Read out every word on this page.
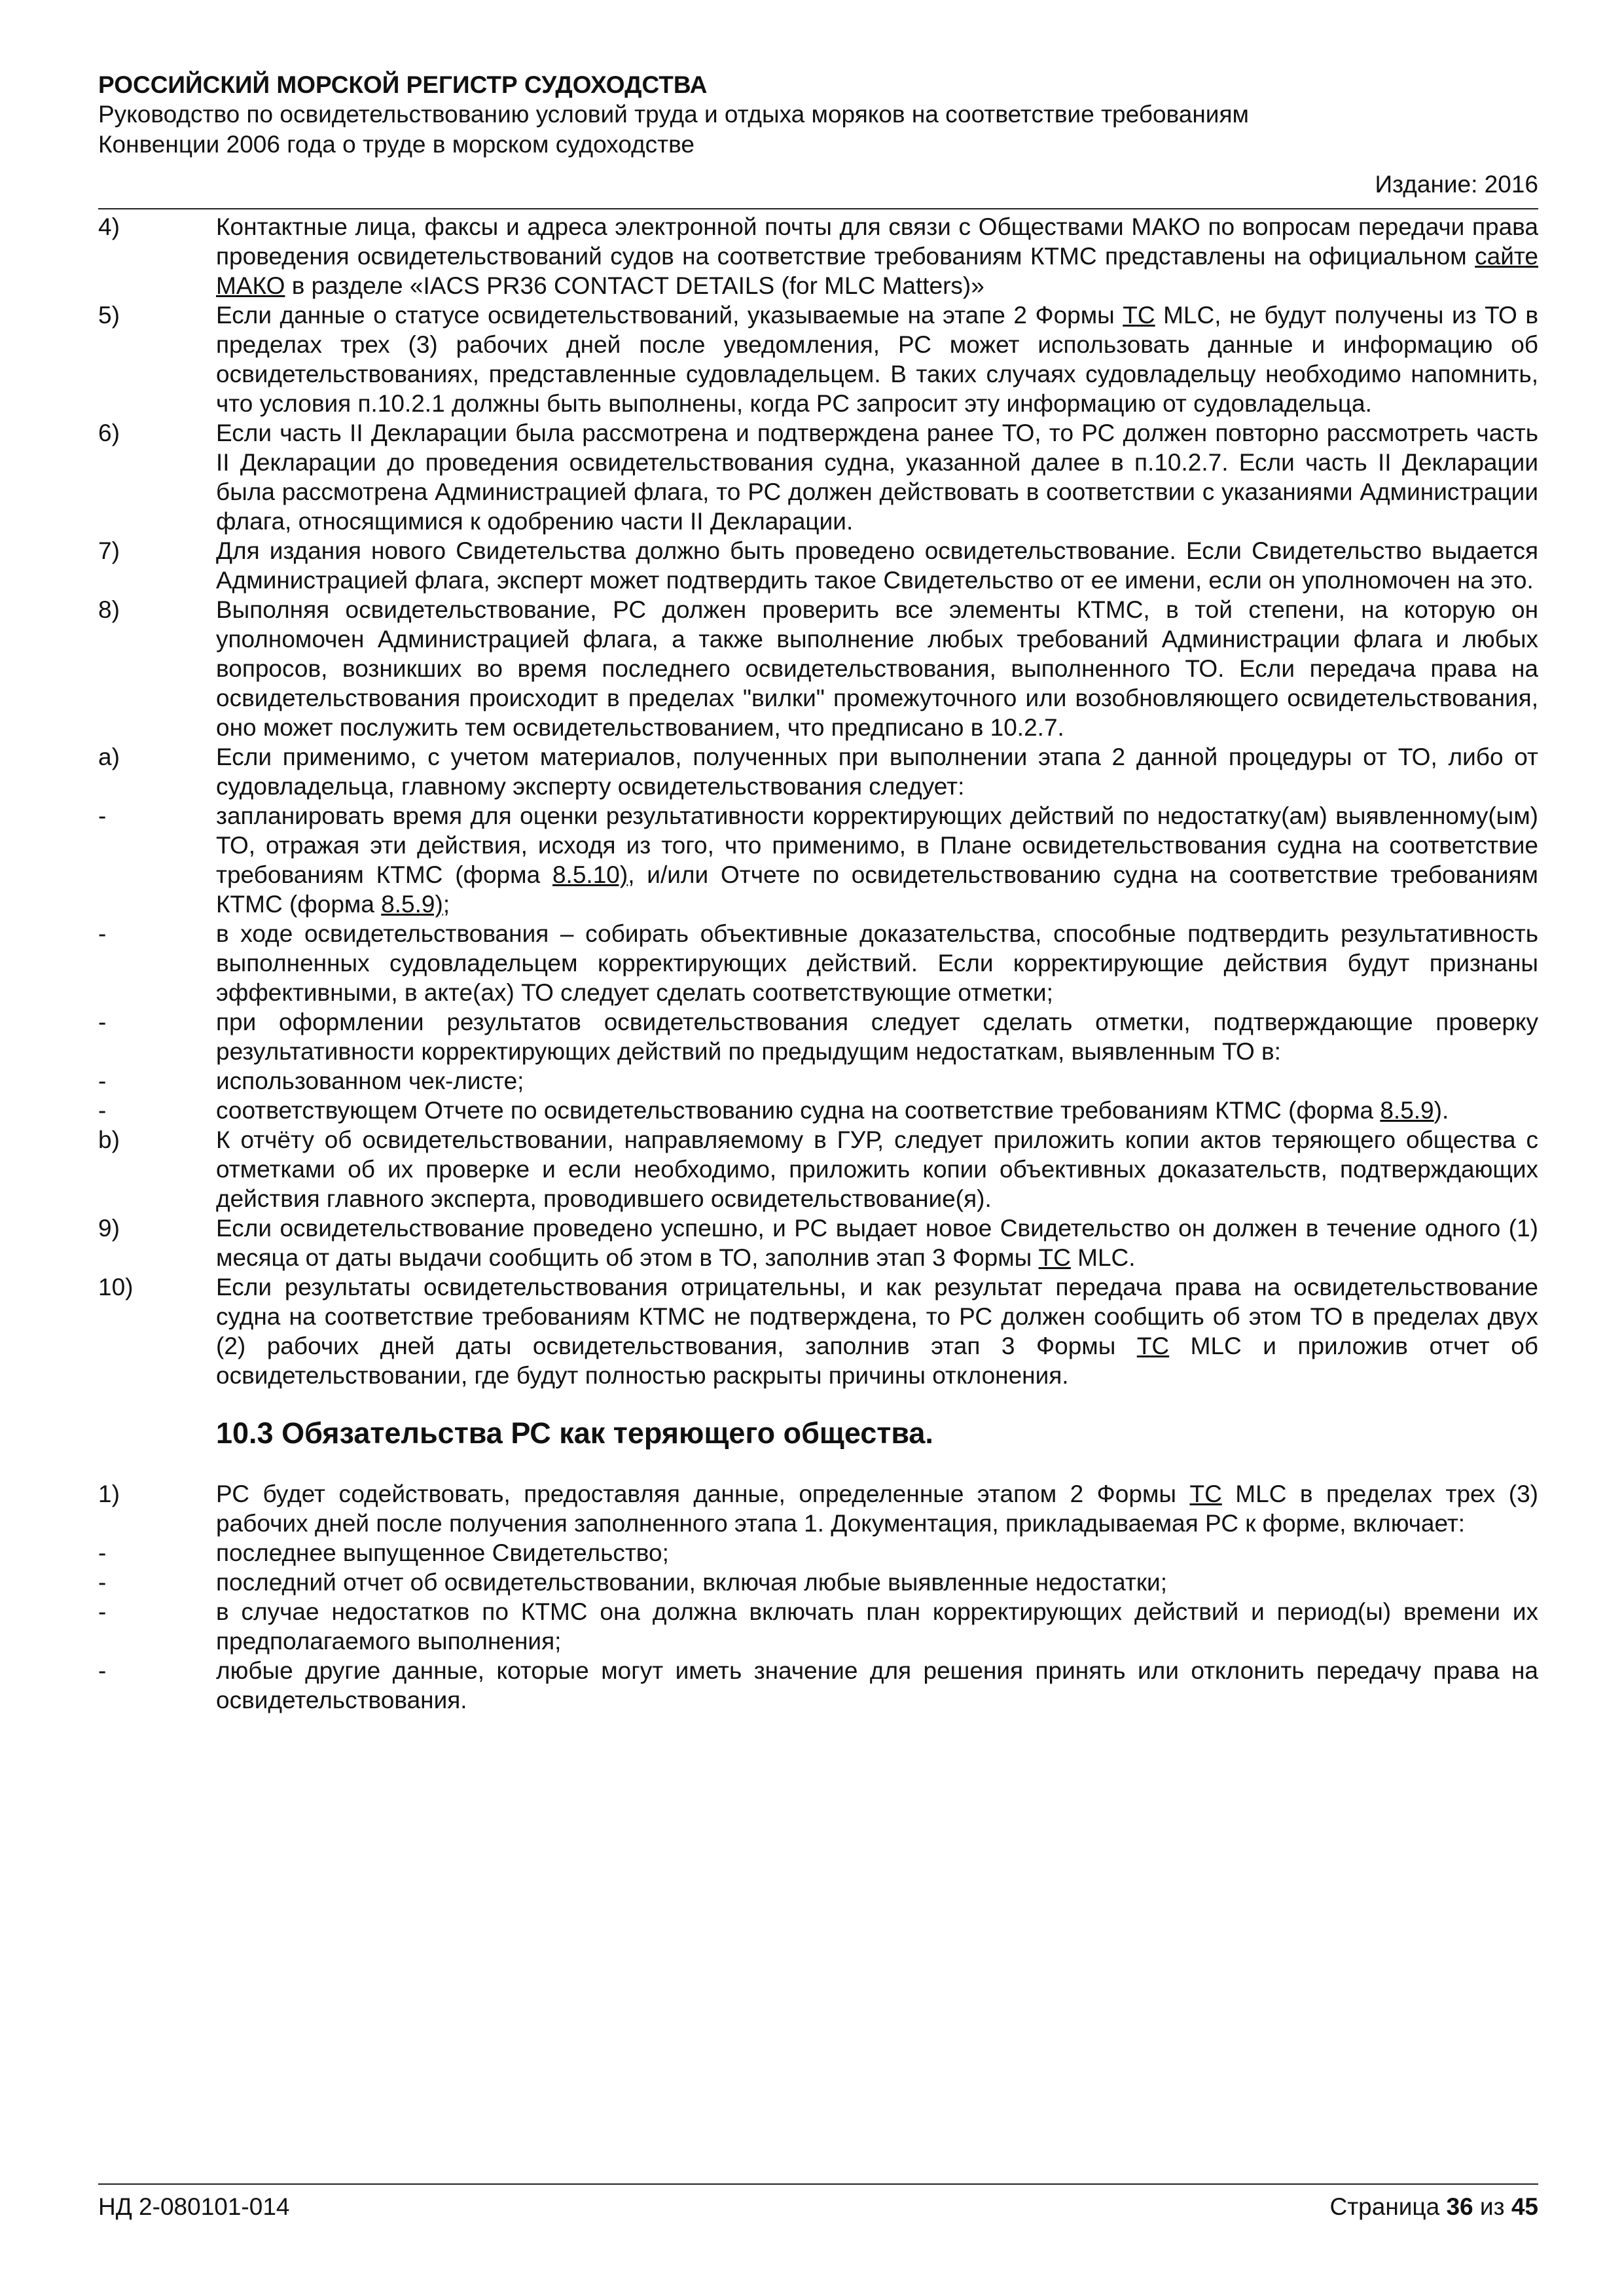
РОССИЙСКИЙ МОРСКОЙ РЕГИСТР СУДОХОДСТВА
Руководство по освидетельствованию условий труда и отдыха моряков на соответствие требованиям
Конвенции 2006 года о труде в морском судоходстве
Издание: 2016
4)	Контактные лица, факсы и адреса электронной почты для связи с Обществами МАКО по вопросам передачи права проведения освидетельствований судов на соответствие требованиям КТМС представлены на официальном сайте МАКО в разделе «IACS PR36 CONTACT DETAILS (for MLC Matters)»
5)	Если данные о статусе освидетельствований, указываемые на этапе 2 Формы ТС MLC, не будут получены из ТО в пределах трех (3) рабочих дней после уведомления, РС может использовать данные и информацию об освидетельствованиях, представленные судовладельцем. В таких случаях судовладельцу необходимо напомнить, что условия п.10.2.1 должны быть выполнены, когда РС запросит эту информацию от судовладельца.
6)	Если часть II Декларации была рассмотрена и подтверждена ранее ТО, то РС должен повторно рассмотреть часть II Декларации до проведения освидетельствования судна, указанной далее в п.10.2.7. Если часть II Декларации была рассмотрена Администрацией флага, то РС должен действовать в соответствии с указаниями Администрации флага, относящимися к одобрению части II Декларации.
7)	Для издания нового Свидетельства должно быть проведено освидетельствование. Если Свидетельство выдается Администрацией флага, эксперт может подтвердить такое Свидетельство от ее имени, если он уполномочен на это.
8)	Выполняя освидетельствование, РС должен проверить все элементы КТМС, в той степени, на которую он уполномочен Администрацией флага, а также выполнение любых требований Администрации флага и любых вопросов, возникших во время последнего освидетельствования, выполненного ТО. Если передача права на освидетельствования происходит в пределах "вилки" промежуточного или возобновляющего освидетельствования, оно может послужить тем освидетельствованием, что предписано в 10.2.7.
a)	Если применимо, с учетом материалов, полученных при выполнении этапа 2 данной процедуры от ТО, либо от судовладельца, главному эксперту освидетельствования следует:
-	запланировать время для оценки результативности корректирующих действий по недостатку(ам) выявленному(ым) ТО, отражая эти действия, исходя из того, что применимо, в Плане освидетельствования судна на соответствие требованиям КТМС (форма 8.5.10), и/или Отчете по освидетельствованию судна на соответствие требованиям КТМС (форма 8.5.9);
-	в ходе освидетельствования – собирать объективные доказательства, способные подтвердить результативность выполненных судовладельцем корректирующих действий. Если корректирующие действия будут признаны эффективными, в акте(ах) ТО следует сделать соответствующие отметки;
-	при оформлении результатов освидетельствования следует сделать отметки, подтверждающие проверку результативности корректирующих действий по предыдущим недостаткам, выявленным ТО в:
-	использованном чек-листе;
-	соответствующем Отчете по освидетельствованию судна на соответствие требованиям КТМС (форма 8.5.9).
b)	К отчёту об освидетельствовании, направляемому в ГУР, следует приложить копии актов теряющего общества с отметками об их проверке и если необходимо, приложить копии объективных доказательств, подтверждающих действия главного эксперта, проводившего освидетельствование(я).
9)	Если освидетельствование проведено успешно, и РС выдает новое Свидетельство он должен в течение одного (1) месяца от даты выдачи сообщить об этом в ТО, заполнив этап 3 Формы ТС MLC.
10)	Если результаты освидетельствования отрицательны, и как результат передача права на освидетельствование судна на соответствие требованиям КТМС не подтверждена, то РС должен сообщить об этом ТО в пределах двух (2) рабочих дней даты освидетельствования, заполнив этап 3 Формы ТС MLC и приложив отчет об освидетельствовании, где будут полностью раскрыты причины отклонения.
10.3 Обязательства РС как теряющего общества.
1)	РС будет содействовать, предоставляя данные, определенные этапом 2 Формы ТС MLC в пределах трех (3) рабочих дней после получения заполненного этапа 1. Документация, прикладываемая РС к форме, включает:
-	последнее выпущенное Свидетельство;
-	последний отчет об освидетельствовании, включая любые выявленные недостатки;
-	в случае недостатков по КТМС она должна включать план корректирующих действий и период(ы) времени их предполагаемого выполнения;
-	любые другие данные, которые могут иметь значение для решения принять или отклонить передачу права на освидетельствования.
НД 2-080101-014	Страница 36 из 45
